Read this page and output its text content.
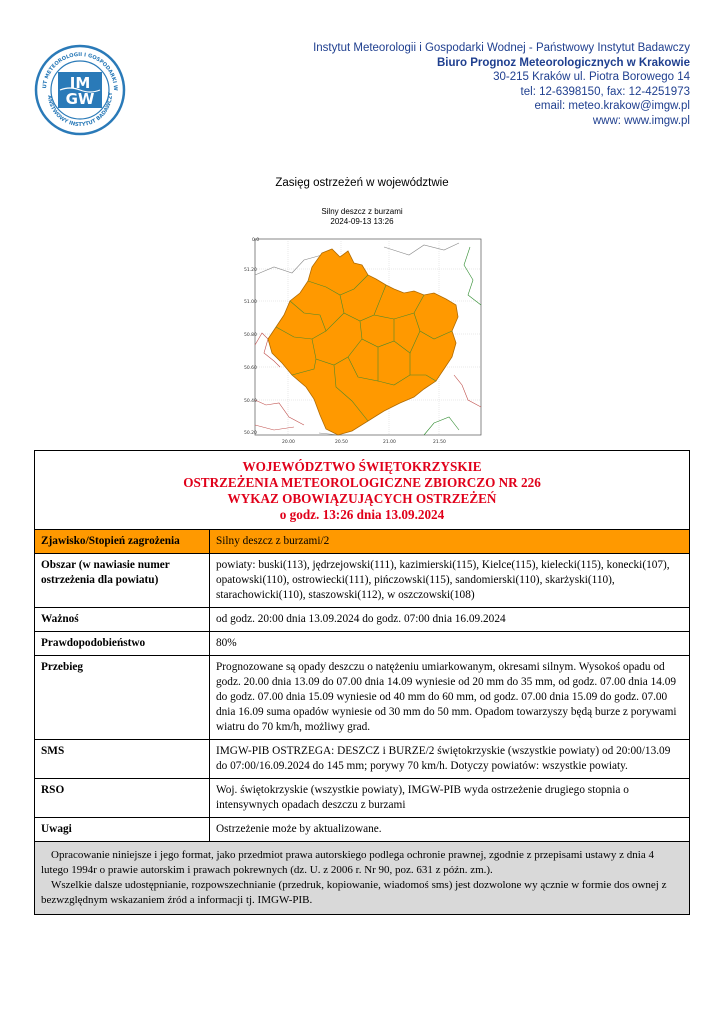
UT METEOROLOGII I GOSPODARKI W
AŃSTWOWY INSTYTUT BADAWCZY
IM
GW
Instytut Meteorologii i Gospodarki Wodnej - Państwowy Instytut Badawczy
Biuro Prognoz Meteorologicznych w Krakowie
30-215 Kraków ul. Piotra Borowego 14
tel: 12-6398150, fax: 12-4251973
email: meteo.krakow@imgw.pl
www: www.imgw.pl
Zasięg ostrzeżeń w województwie
Silny deszcz z burzami
2024-09-13 13:26
0.0
51.20
51.00
50.80
50.60
50.40
50.20
20.00	20.50	21.00	21.50
WOJEWÓDZTWO ŚWIĘTOKRZYSKIE
OSTRZEŻENIA METEOROLOGICZNE ZBIORCZO NR 226
WYKAZ OBOWIĄZUJĄCYCH OSTRZEŻEŃ
o godz. 13:26 dnia 13.09.2024	

Zjawisko/Stopień zagrożenia	Silny deszcz z burzami/2
Obszar (w nawiasie numer ostrzeżenia dla powiatu)	powiaty: buski(113), jędrzejowski(111), kazimierski(115), Kielce(115), kielecki(115), konecki(107), opatowski(110), ostrowiecki(111), pińczowski(115), sandomierski(110), skarżyski(110), starachowicki(110), staszowski(112), w oszczowski(108)
Ważnoś	od godz. 20:00 dnia 13.09.2024 do godz. 07:00 dnia 16.09.2024
Prawdopodobieństwo	80%
Przebieg	Prognozowane są opady deszczu o natężeniu umiarkowanym, okresami silnym. Wysokoś opadu od godz. 20.00 dnia 13.09 do 07.00 dnia 14.09 wyniesie od 20 mm do 35 mm, od godz. 07.00 dnia 14.09 do godz. 07.00 dnia 15.09 wyniesie od 40 mm do 60 mm, od godz. 07.00 dnia 15.09 do godz. 07.00 dnia 16.09 suma opadów wyniesie od 30 mm do 50 mm. Opadom towarzyszy będą burze z porywami wiatru do 70 km/h, możliwy grad.
SMS	IMGW-PIB OSTRZEGA: DESZCZ i BURZE/2 świętokrzyskie (wszystkie powiaty) od 20:00/13.09 do 07:00/16.09.2024 do 145 mm; porywy 70 km/h. Dotyczy powiatów: wszystkie powiaty.
RSO	Woj. świętokrzyskie (wszystkie powiaty), IMGW-PIB wyda ostrzeżenie drugiego stopnia o intensywnych opadach deszczu z burzami
Uwagi	Ostrzeżenie może by aktualizowane.

Opracowanie niniejsze i jego format, jako przedmiot prawa autorskiego podlega ochronie prawnej, zgodnie z przepisami ustawy z dnia 4 lutego 1994r o prawie autorskim i prawach pokrewnych (dz. U. z 2006 r. Nr 90, poz. 631 z późn. zm.).
Wszelkie dalsze udostępnianie, rozpowszechnianie (przedruk, kopiowanie, wiadomoś sms) jest dozwolone wy ącznie w formie dos ownej z bezwzględnym wskazaniem źród a informacji tj. IMGW-PIB.	
